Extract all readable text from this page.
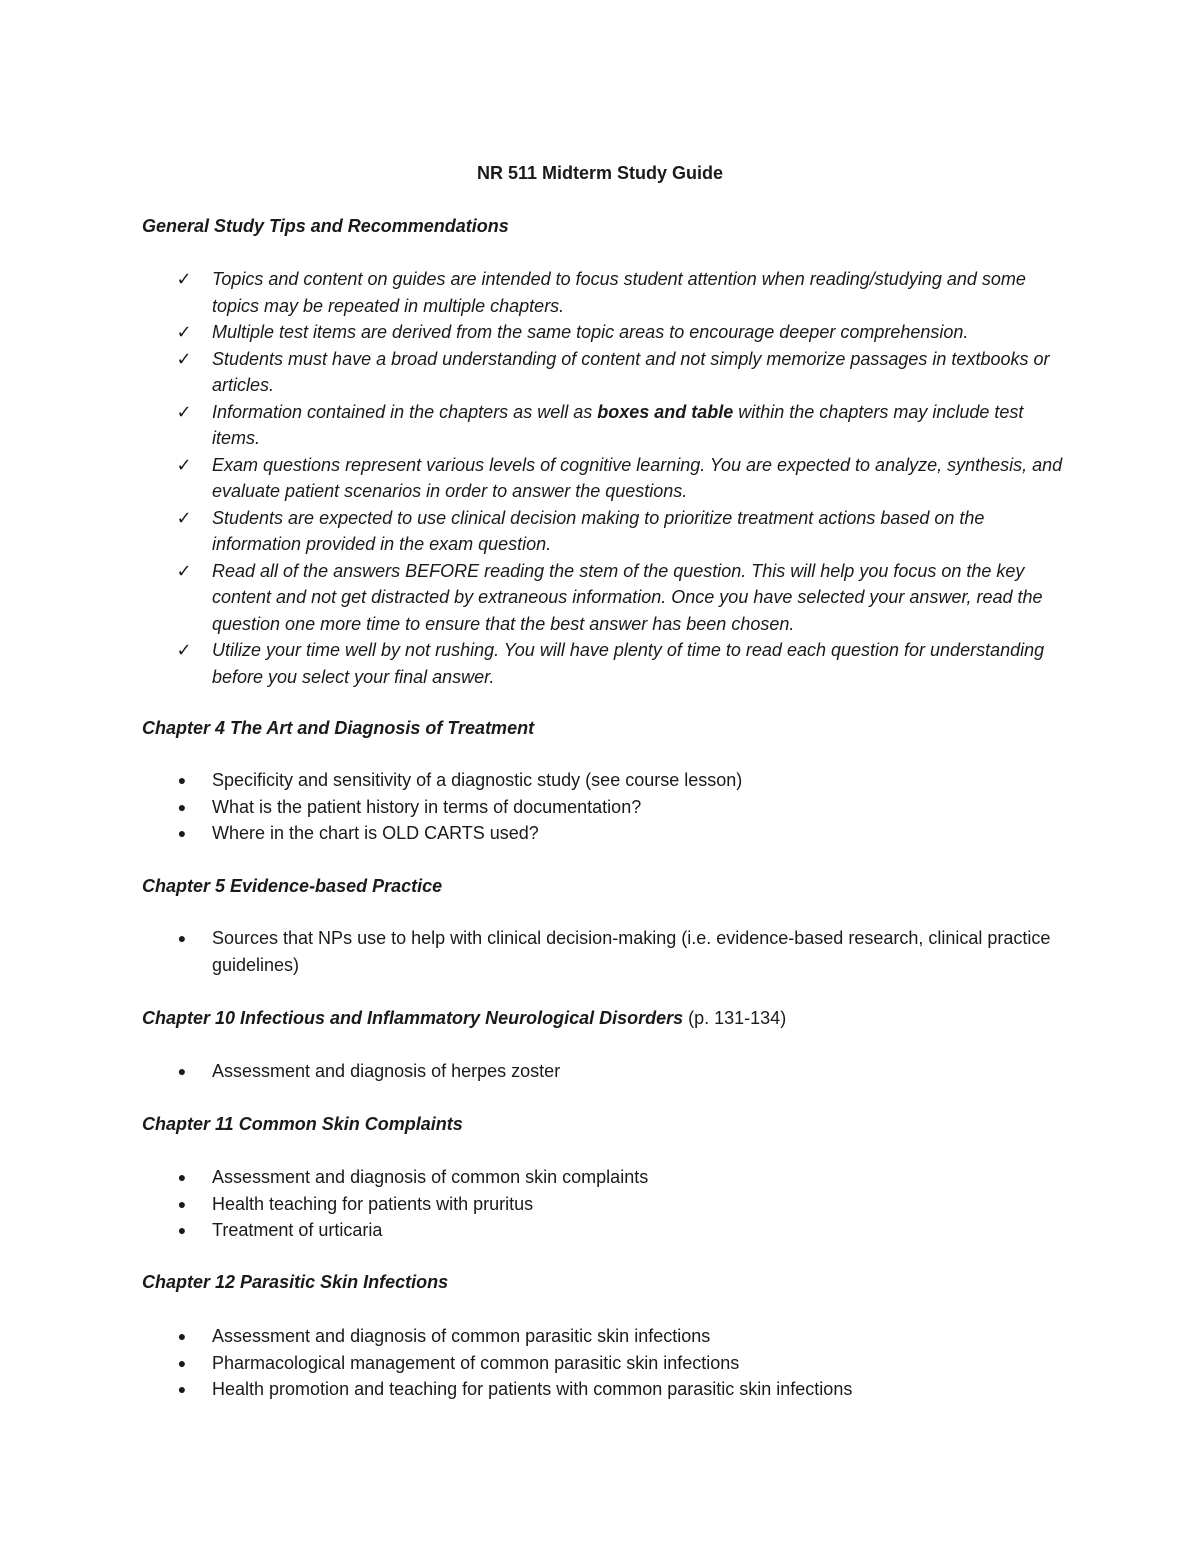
NR 511 Midterm Study Guide
General Study Tips and Recommendations
✓ Topics and content on guides are intended to focus student attention when reading/studying and some topics may be repeated in multiple chapters.
✓ Multiple test items are derived from the same topic areas to encourage deeper comprehension.
✓ Students must have a broad understanding of content and not simply memorize passages in textbooks or articles.
✓ Information contained in the chapters as well as boxes and table within the chapters may include test items.
✓ Exam questions represent various levels of cognitive learning. You are expected to analyze, synthesis, and evaluate patient scenarios in order to answer the questions.
✓ Students are expected to use clinical decision making to prioritize treatment actions based on the information provided in the exam question.
✓ Read all of the answers BEFORE reading the stem of the question. This will help you focus on the key content and not get distracted by extraneous information. Once you have selected your answer, read the question one more time to ensure that the best answer has been chosen.
✓ Utilize your time well by not rushing. You will have plenty of time to read each question for understanding before you select your final answer.
Chapter 4 The Art and Diagnosis of Treatment
●	Specificity and sensitivity of a diagnostic study (see course lesson)
●	What is the patient history in terms of documentation?
●	Where in the chart is OLD CARTS used?
Chapter 5 Evidence-based Practice
●	Sources that NPs use to help with clinical decision-making (i.e. evidence-based research, clinical practice guidelines)
Chapter 10 Infectious and Inflammatory Neurological Disorders (p. 131-134)
●	Assessment and diagnosis of herpes zoster
Chapter 11 Common Skin Complaints
●	Assessment and diagnosis of common skin complaints
●	Health teaching for patients with pruritus
●	Treatment of urticaria
Chapter 12 Parasitic Skin Infections
●	Assessment and diagnosis of common parasitic skin infections
●	Pharmacological management of common parasitic skin infections
●	Health promotion and teaching for patients with common parasitic skin infections
